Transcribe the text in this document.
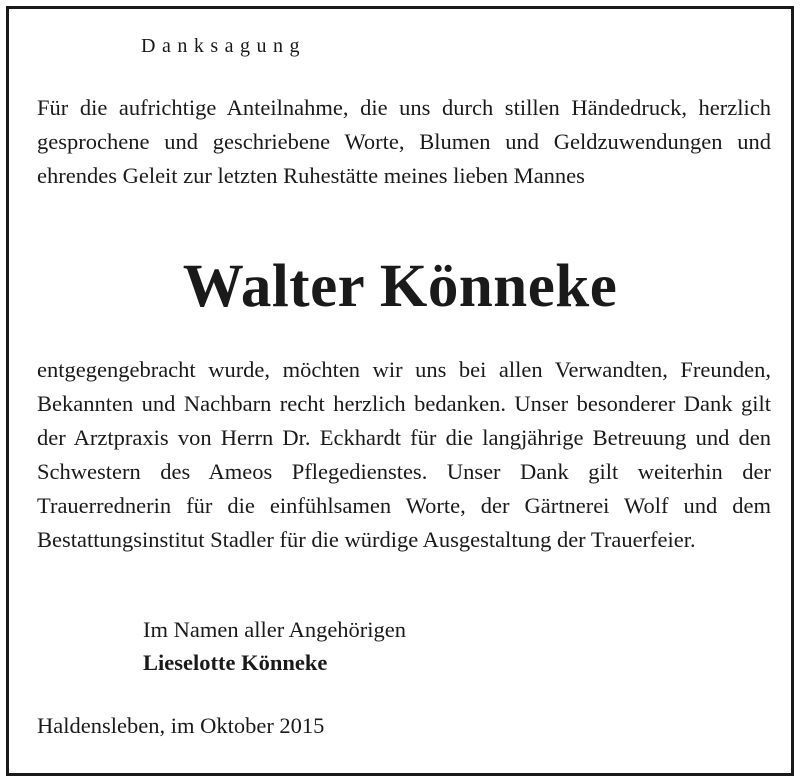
Danksagung

Für die aufrichtige Anteilnahme, die uns durch stillen Händedruck, herzlich gesprochene und geschriebene Worte, Blumen und Geldzuwendungen und ehrendes Geleit zur letzten Ruhestätte meines lieben Mannes

Walter Könneke

entgegengebracht wurde, möchten wir uns bei allen Verwandten, Freunden, Bekannten und Nachbarn recht herzlich bedanken. Unser besonderer Dank gilt der Arztpraxis von Herrn Dr. Eckhardt für die langjährige Betreuung und den Schwestern des Ameos Pflegedienstes. Unser Dank gilt weiterhin der Trauerrednerin für die einfühlsamen Worte, der Gärtnerei Wolf und dem Bestattungsinstitut Stadler für die würdige Ausgestaltung der Trauerfeier.

Im Namen aller Angehörigen
Lieselotte Könneke
Haldensleben, im Oktober 2015
